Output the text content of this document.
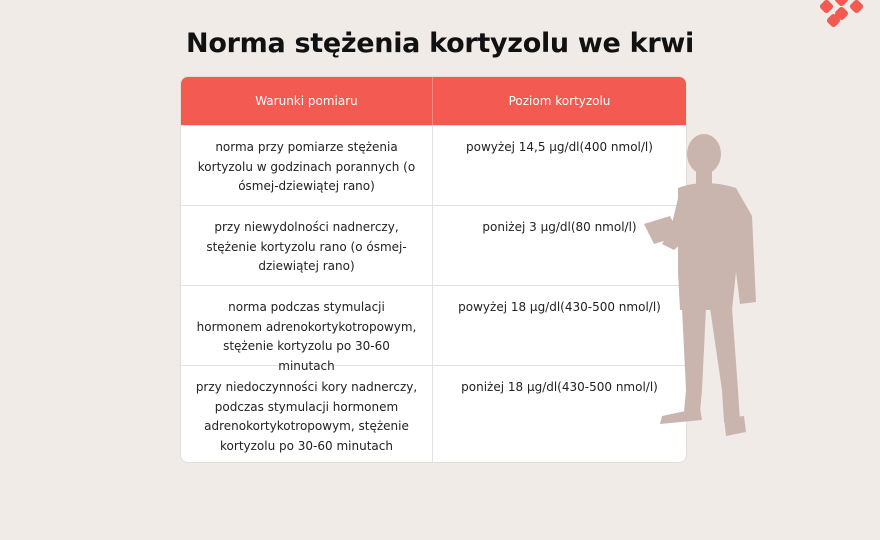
Norma stężenia kortyzolu we krwi
Warunki pomiaru	Poziom kortyzolu
norma przy pomiarze stężenia kortyzolu w godzinach porannych (o ósmej-dziewiątej rano)
powyżej 14,5 µg/dl(400 nmol/l)
przy niewydolności nadnerczy, stężenie kortyzolu rano (o ósmej-dziewiątej rano)
poniżej 3 µg/dl(80 nmol/l)
norma podczas stymulacji hormonem adrenokortykotropowym, stężenie kortyzolu po 30-60 minutach
powyżej 18 µg/dl(430-500 nmol/l)
przy niedoczynności kory nadnerczy, podczas stymulacji hormonem adrenokortykotropowym, stężenie kortyzolu po 30-60 minutach
poniżej 18 µg/dl(430-500 nmol/l)
